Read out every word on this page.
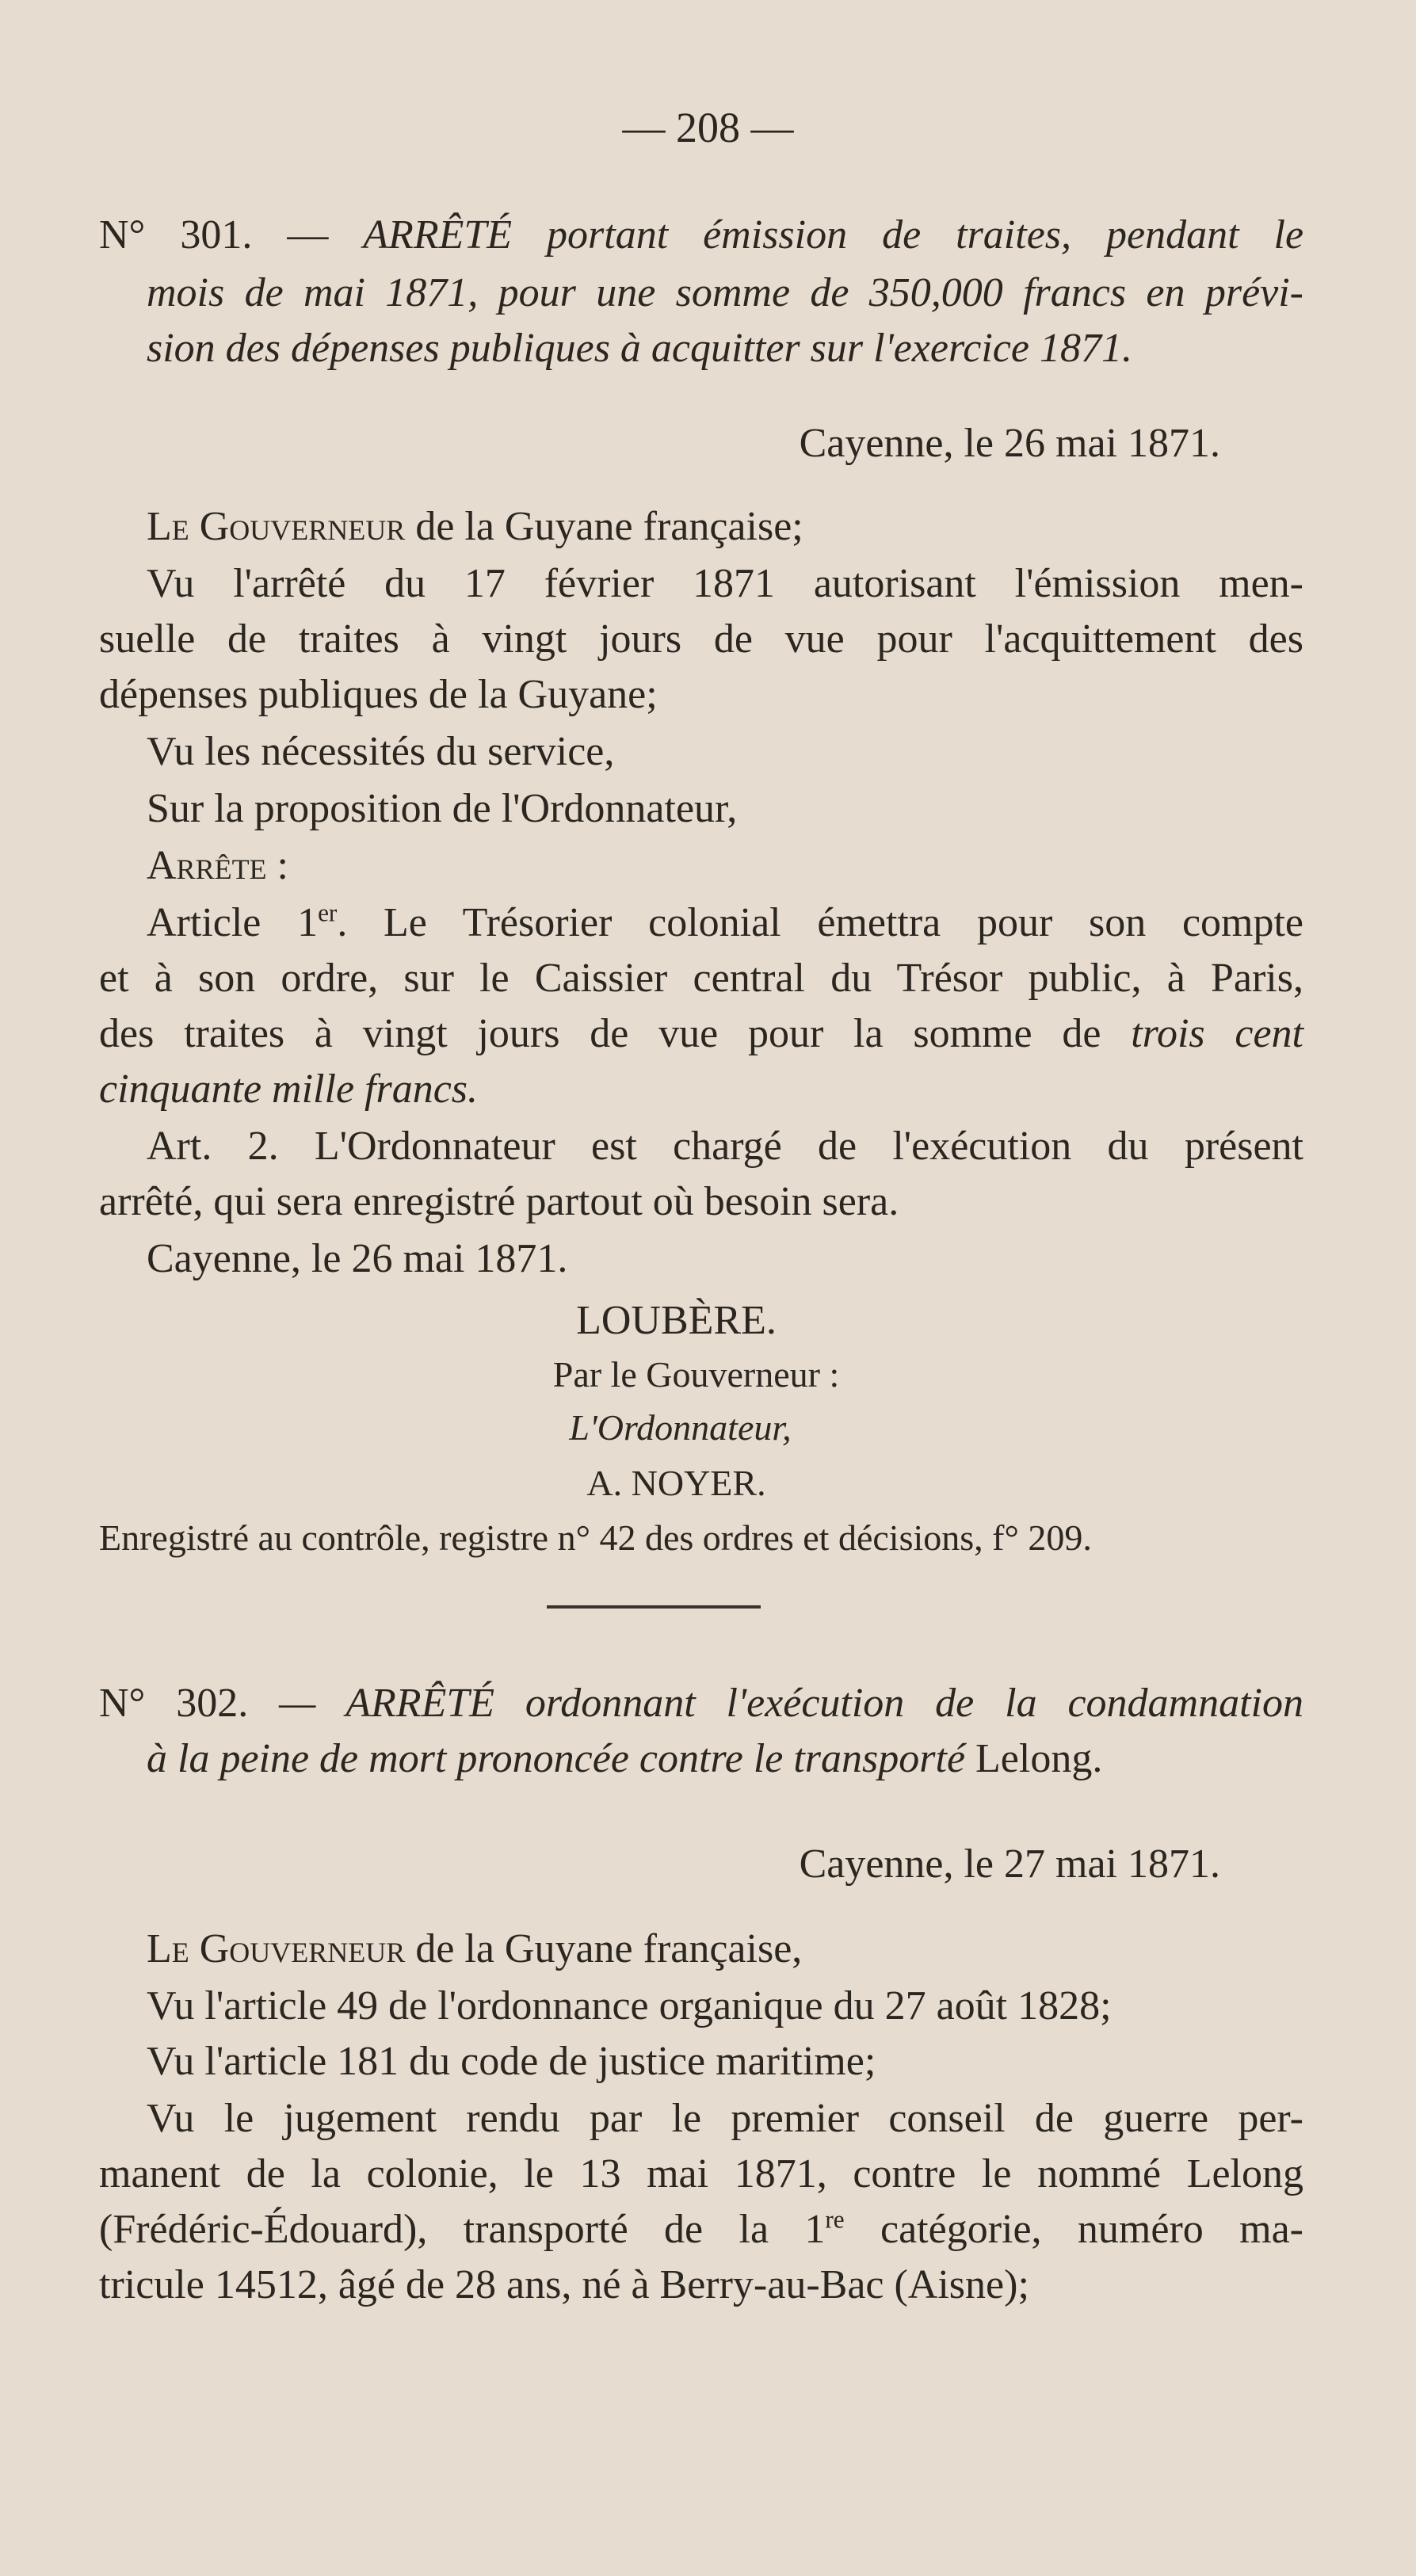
— 208 —
N° 301. — ARRÊTÉ portant émission de traites, pendant le
mois de mai 1871, pour une somme de 350,000 francs en prévi-
sion des dépenses publiques à acquitter sur l'exercice 1871.
Cayenne, le 26 mai 1871.
Le Gouverneur de la Guyane française;
Vu l'arrêté du 17 février 1871 autorisant l'émission men-
suelle de traites à vingt jours de vue pour l'acquittement des
dépenses publiques de la Guyane;
Vu les nécessités du service,
Sur la proposition de l'Ordonnateur,
Arrête :
Article 1er. Le Trésorier colonial émettra pour son compte
et à son ordre, sur le Caissier central du Trésor public, à Paris,
des traites à vingt jours de vue pour la somme de trois cent
cinquante mille francs.
Art. 2. L'Ordonnateur est chargé de l'exécution du présent
arrêté, qui sera enregistré partout où besoin sera.
Cayenne, le 26 mai 1871.
LOUBÈRE.
Par le Gouverneur :
L'Ordonnateur,
A. NOYER.
Enregistré au contrôle, registre n° 42 des ordres et décisions, f° 209.
N° 302. — ARRÊTÉ ordonnant l'exécution de la condamnation
à la peine de mort prononcée contre le transporté Lelong.
Cayenne, le 27 mai 1871.
Le Gouverneur de la Guyane française,
Vu l'article 49 de l'ordonnance organique du 27 août 1828;
Vu l'article 181 du code de justice maritime;
Vu le jugement rendu par le premier conseil de guerre per-
manent de la colonie, le 13 mai 1871, contre le nommé Lelong
(Frédéric-Édouard), transporté de la 1re catégorie, numéro ma-
tricule 14512, âgé de 28 ans, né à Berry-au-Bac (Aisne);
